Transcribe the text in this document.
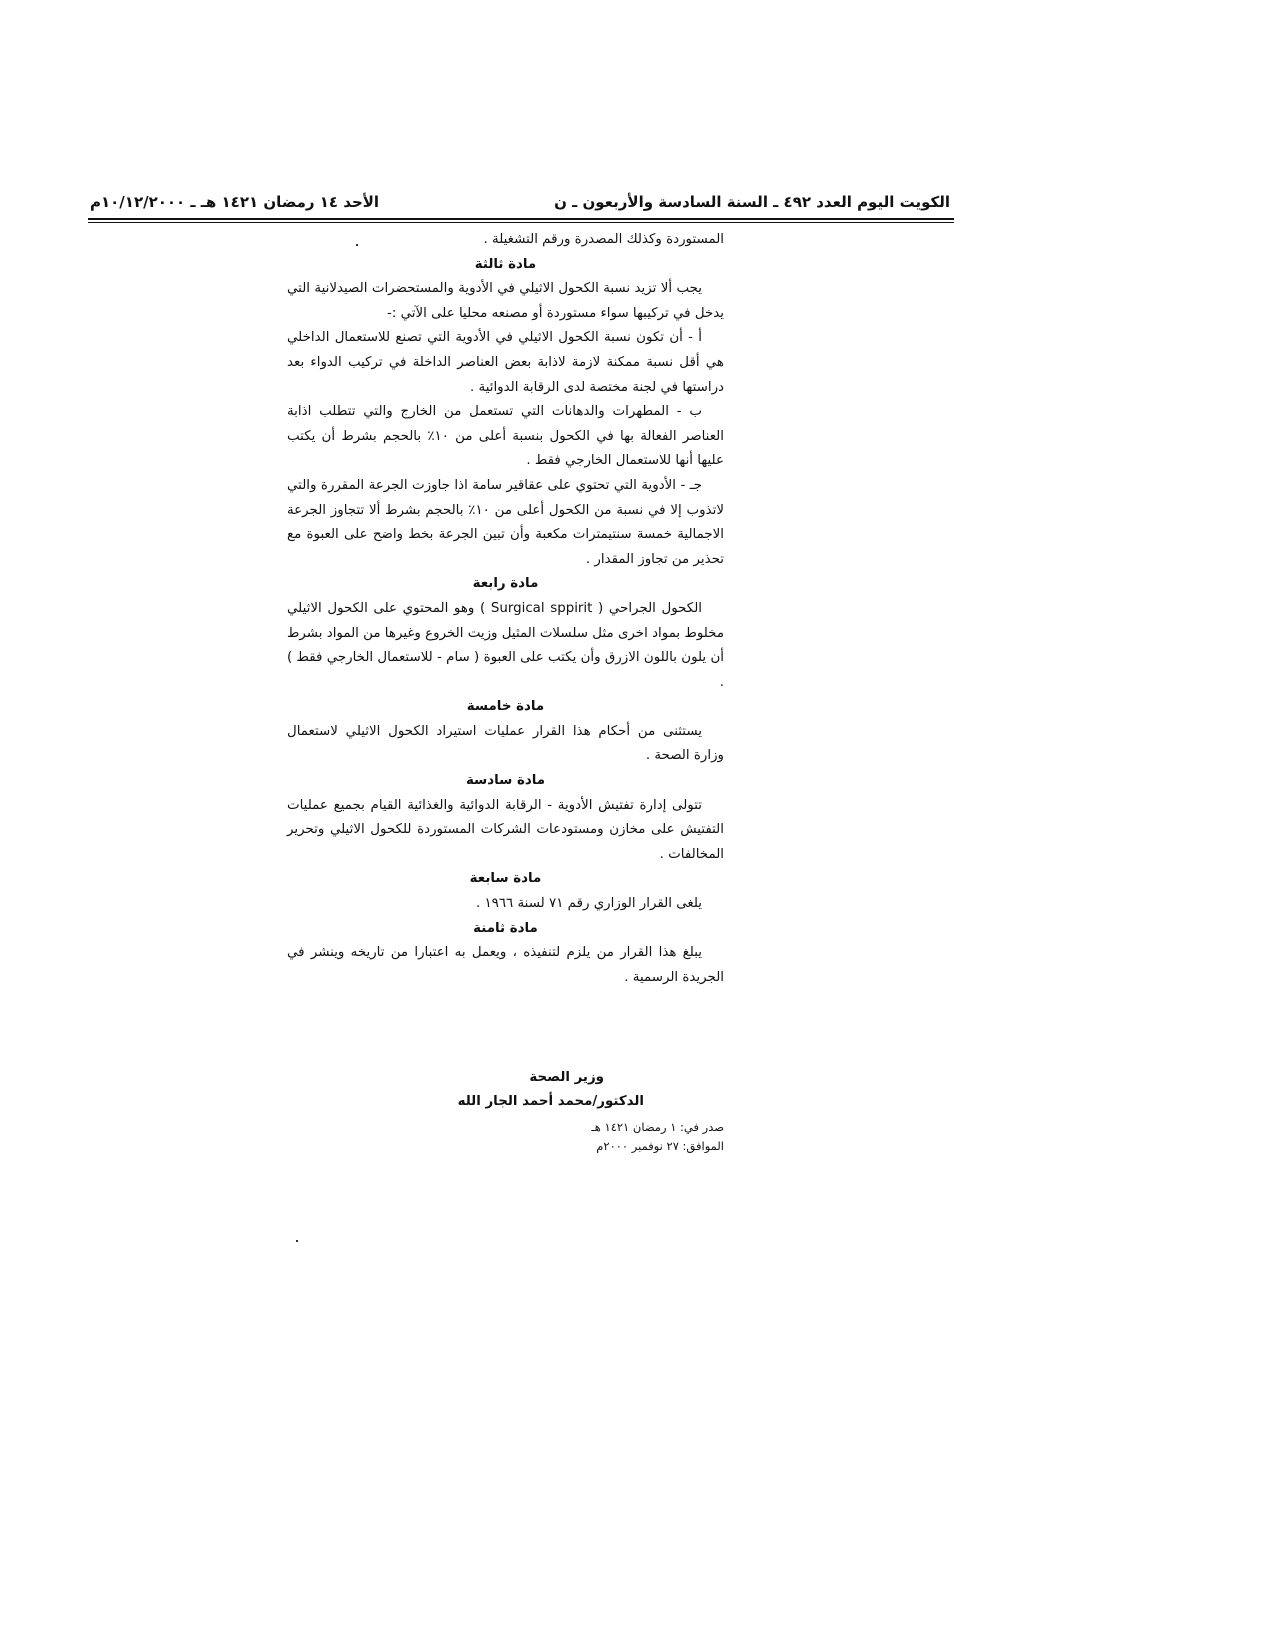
الكويت اليوم العدد ٤٩٢ ـ السنة السادسة والأربعون ـ ن
الأحد ١٤ رمضان ١٤٢١ هـ ـ ١٠/١٢/٢٠٠٠م

المستوردة وكذلك المصدرة ورقم التشغيلة .

مادة ثالثة

يجب ألا تزيد نسبة الكحول الاثيلي في الأدوية والمستحضرات الصيدلانية التي يدخل في تركيبها سواء مستوردة أو مصنعه محليا على الآتي :-

أ - أن تكون نسبة الكحول الاثيلي في الأدوية التي تصنع للاستعمال الداخلي هي أقل نسبة ممكنة لازمة لاذابة بعض العناصر الداخلة في تركيب الدواء بعد دراستها في لجنة مختصة لدى الرقابة الدوائية .

ب - المطهرات والدهانات التي تستعمل من الخارج والتي تتطلب اذابة العناصر الفعالة بها في الكحول بنسبة أعلى من ١٠٪ بالحجم بشرط أن يكتب عليها أنها للاستعمال الخارجي فقط .

جـ - الأدوية التي تحتوي على عقاقير سامة اذا جاوزت الجرعة المقررة والتي لاتذوب إلا في نسبة من الكحول أعلى من ١٠٪ بالحجم بشرط ألا تتجاوز الجرعة الاجمالية خمسة سنتيمترات مكعبة وأن تبين الجرعة بخط واضح على العبوة مع تحذير من تجاوز المقدار .

مادة رابعة

الكحول الجراحي ( Surgical sppirit ) وهو المحتوي على الكحول الاثيلي مخلوط بمواد اخرى مثل سلسلات المثيل وزيت الخروع وغيرها من المواد بشرط أن يلون باللون الازرق وأن يكتب على العبوة ( سام - للاستعمال الخارجي فقط ) .

مادة خامسة

يستثنى من أحكام هذا القرار عمليات استيراد الكحول الاثيلي لاستعمال وزارة الصحة .

مادة سادسة

تتولى إدارة تفتيش الأدوية - الرقابة الدوائية والغذائية القيام بجميع عمليات التفتيش على مخازن ومستودعات الشركات المستوردة للكحول الاثيلي وتحرير المخالفات .

مادة سابعة

يلغى القرار الوزاري رقم ٧١ لسنة ١٩٦٦ .

مادة ثامنة

يبلغ هذا القرار من يلزم لتنفيذه ، ويعمل به اعتبارا من تاريخه وينشر في الجريدة الرسمية .

وزير الصحة
الدكتور/محمد أحمد الجار الله
صدر في: ١ رمضان ١٤٢١ هـ
الموافق: ٢٧ نوفمبر ٢٠٠٠م
